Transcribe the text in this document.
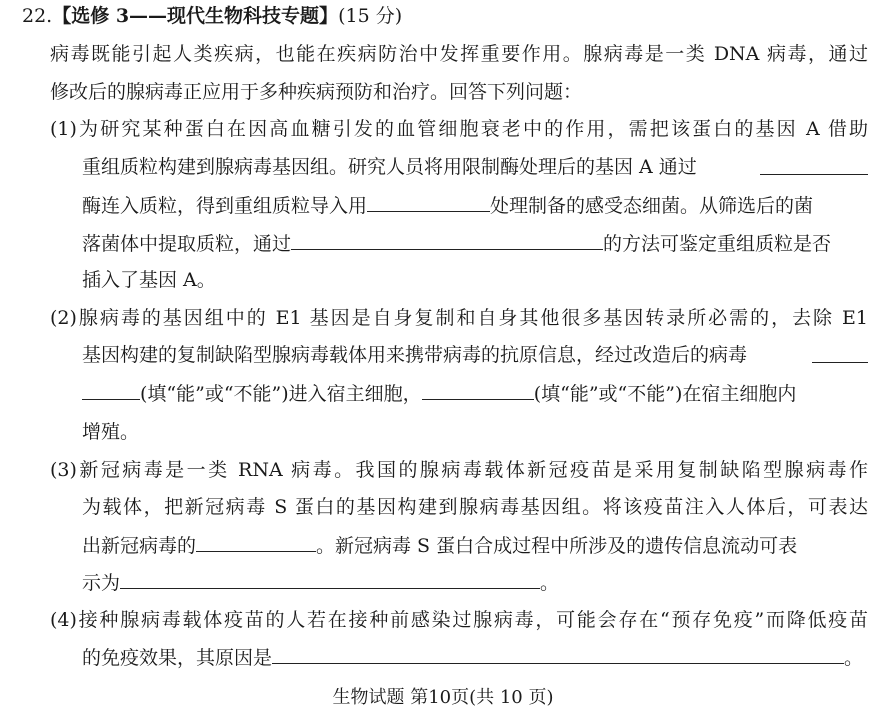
22.【选修 3——现代生物科技专题】(15 分)
病毒既能引起人类疾病，也能在疾病防治中发挥重要作用。腺病毒是一类 DNA 病毒，通过
修改后的腺病毒正应用于多种疾病预防和治疗。回答下列问题：
(1)为研究某种蛋白在因高血糖引发的血管细胞衰老中的作用，需把该蛋白的基因 A 借助
重组质粒构建到腺病毒基因组。研究人员将用限制酶处理后的基因 A 通过
酶连入质粒，得到重组质粒导入用	处理制备的感受态细菌。从筛选后的菌
落菌体中提取质粒，通过	的方法可鉴定重组质粒是否
插入了基因 A。
(2)腺病毒的基因组中的 E1 基因是自身复制和自身其他很多基因转录所必需的，去除 E1
基因构建的复制缺陷型腺病毒载体用来携带病毒的抗原信息，经过改造后的病毒
(填“能”或“不能”)进入宿主细胞，	(填“能”或“不能”)在宿主细胞内
增殖。
(3)新冠病毒是一类 RNA 病毒。我国的腺病毒载体新冠疫苗是采用复制缺陷型腺病毒作
为载体，把新冠病毒 S 蛋白的基因构建到腺病毒基因组。将该疫苗注入人体后，可表达
出新冠病毒的	。新冠病毒 S 蛋白合成过程中所涉及的遗传信息流动可表
示为	。
(4)接种腺病毒载体疫苗的人若在接种前感染过腺病毒，可能会存在“预存免疫”而降低疫苗
的免疫效果，其原因是	。
生物试题 第10页(共 10 页)
